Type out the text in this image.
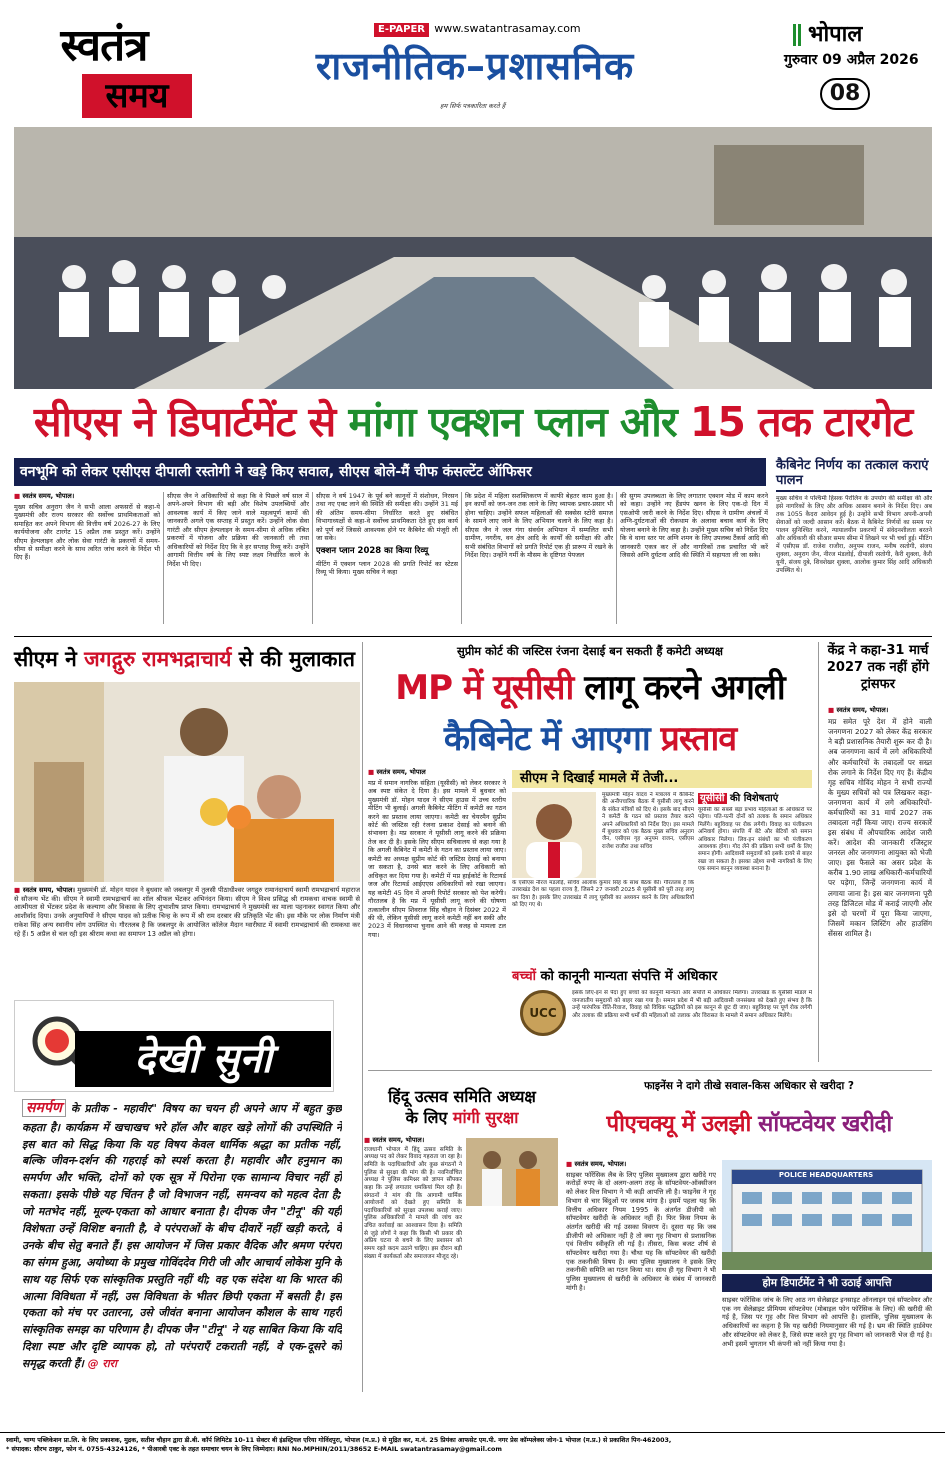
स्वतंत्र
समय
E-PAPER www.swatantrasamay.com
राजनीतिक–प्रशासनिक
हम सिर्फ पत्रकारिता करते हैं
भोपाल
गुरुवार 09 अप्रैल 2026
08
सीएस ने डिपार्टमेंट से मांगा एक्शन प्लान और 15 तक टारगेट
वनभूमि को लेकर एसीएस दीपाली रस्तोगी ने खड़े किए सवाल, सीएस बोले-मैं चीफ कंसल्टेंट ऑफिसर
■ स्वतंत्र समय, भोपाल।
मुख्य सचिव अनुराग जैन ने सभी आला अफसरों से कहा-ये मुख्यमंत्री और राज्य सरकार की सर्वोच्च प्राथमिकताओं को समाहित कर अपने विभाग की वित्तीय वर्ष 2026-27 के लिए कार्ययोजना और टारगेट 15 अप्रैल तक प्रस्तुत करें। उन्होंने सीएम हेल्पलाइन और लोक सेवा गारंटी के प्रकरणों में समय-सीमा से समीक्षा करने के साथ त्वरित जांच करने के निर्देश भी दिए हैं।
सीएस जैन ने अधिकारियों से कहा कि वे पिछले वर्ष साल में अपने-अपने विभाग की बड़ी और विशेष उपलब्धियों और आवश्यक कार्य में किए जाने वाले महत्वपूर्ण कामों की जानकारी अगले एक सप्ताह में प्रस्तुत करें। उन्होंने लोक सेवा गारंटी और सीएम हेल्पलाइन के समय-सीमा से अधिक लंबित प्रकरणों में योजना और प्रक्रिया की जानकारी ली तथा अधिकारियों को निर्देश दिए कि वे हर सप्ताह रिव्यू करें। उन्होंने आगामी वित्तीय वर्ष के लिए स्पष्ट लक्ष्य निर्धारित करने के निर्देश भी दिए।
सीएस ने वर्ष 1947 के पूर्व बने कानूनों में संशोधन, निरसन तथा नए एक्ट लाने की स्थिति की समीक्षा की। उन्होंने 31 मई की अंतिम समय-सीमा निर्धारित करते हुए संबंधित विभागाध्यक्षों से कहा-वे सर्वोच्च प्राथमिकता देते हुए इस कार्य को पूर्ण करें जिससे आवश्यक होने पर कैबिनेट की मंजूरी ली जा सके।
एक्शन प्लान 2028 का किया रिव्यू
मीटिंग में एक्शन प्लान 2028 की प्रगति रिपोर्ट का स्टेटस रिव्यू भी किया। मुख्य सचिव ने कहा
कि प्रदेश में महिला सशक्तिकरण में काफी बेहतर काम हुआ है। इन कार्यों को जन-जन तक लाने के लिए व्यापक प्रचार-प्रसार भी होना चाहिए। उन्होंने सफल महिलाओं की सक्सेस स्टोरी समाज के सामने लाए जाने के लिए अभियान चलाने के लिए कहा है। सीएस जैन ने जल गंगा संवर्धन अभियान में सम्मलित सभी ग्रामीण, नगरीय, वन क्षेत्र आदि के कार्यों की समीक्षा की और सभी संबंधित विभागों को प्रगति रिपोर्ट एक ही प्रारूप में रखने के निर्देश दिए। उन्होंने गर्मी के मौसम के दृष्टिगत पेयजल
की सुगम उपलब्धता के लिए लगातार एक्शन मोड में काम करने को कहा। उन्होंने नए हैंडपंप खनन के लिए एक-दो दिन में एसओपी जारी करने के निर्देश दिए। सीएस ने ग्रामीण अंचलों में अग्नि-दुर्घटनाओं की रोकथाम के अलावा बचाव कार्य के लिए योजना बनाने के लिए कहा है। उन्होंने मुख्य सचिव को निर्देश दिए कि वे थाना स्तर पर अग्नि शमन के लिए उपलब्ध टैंकर्स आदि की जानकारी एकत्र कर लें और नागरिकों तक प्रचारित भी करें जिससे अग्नि दुर्घटना आदि की स्थिति में सहायता ली जा सके।
कैबिनेट निर्णय का तत्काल कराएं पालन
मुख्य सचिव ने पश्चिमी हिंसक पैरोलिन के उपयोग की समीक्षा की और इसे नागरिकों के लिए और अधिक आसान बनाने के निर्देश दिए। अब तक 1055 कैदरा आवेदन हुई है। उन्होंने सभी विभाग अपनी-अपनी सेवाओं को जल्दी आसान करें। बैठक में कैबिनेट निर्णयों का समय पर पालन सुनिश्चित करने, न्यायालयीन प्रकरणों में संवेदनशीलता बरतने और अधिकारी की सीआर समय सीमा में लिखने पर भी चर्चा हुई। मीटिंग में एसीएस डॉ. राजेश राजौरा, अनुपम राजन, मनीष रस्तोगी, संजय शुक्ला, अनुराग जैन, नीरज मंडलोई, दीपाली रस्तोगी, कैरी शुक्ला, कैरी यूनी, संजय दुबे, शिवशेखर शुक्ला, आलोक कुमार सिंह आदि अधिकारी उपस्थित थे।
सीएम ने जगद्गुरु रामभद्राचार्य से की मुलाकात
■ स्वतंत्र समय, भोपाल। मुख्यमंत्री डॉ. मोहन यादव ने बुधवार को जबलपुर में तुलसी पीठाधीश्वर जगद्गुरु रामानंदाचार्य स्वामी रामभद्राचार्य महाराज से सौजन्य भेंट की। सीएम ने स्वामी रामभद्राचार्य का शॉल श्रीफल भेंटकर अभिनंदन किया। सीएम ने विश्व प्रसिद्ध श्री रामकथा वाचक स्वामी से आत्मीयता से भेंटकर प्रदेश के कल्याण और विकास के लिए शुभाशीष प्राप्त किया। रामभद्राचार्य ने मुख्यमंत्री का माला पहनाकर स्वागत किया और आशीर्वाद दिया। उनके अनुयायियों ने सीएम यादव को प्रतीक चिन्ह के रूप में श्री राम दरबार की प्रतिकृति भेंट की। इस मौके पर लोक निर्माण मंत्री राकेश सिंह अन्य स्थानीय लोग उपस्थित थे। गौरतलब है कि जबलपुर के आयोजित कॉलेज मैदान ग्वारीघाट में स्वामी रामभद्राचार्य की रामकथा कर रहे हैं। 5 अप्रैल से चल रही इस श्रीराम कथा का समापन 13 अप्रैल को होगा।
देखी सुनी
समर्पण के प्रतीक - महावीर" विषय का चयन ही अपने आप में बहुत कुछ कहता है। कार्यक्रम में खचाखच भरे हॉल और बाहर खड़े लोगों की उपस्थिति ने इस बात को सिद्ध किया कि यह विषय केवल धार्मिक श्रद्धा का प्रतीक नहीं, बल्कि जीवन-दर्शन की गहराई को स्पर्श करता है। महावीर और हनुमान का समर्पण और भक्ति, दोनों को एक सूत्र में पिरोना एक सामान्य विचार नहीं हो सकता। इसके पीछे यह चिंतन है जो विभाजन नहीं, समन्वय को महत्व देता है; जो मतभेद नहीं, मूल्य-एकता को आधार बनाता है। दीपक जैन "टीनू" की यही विशेषता उन्हें विशिष्ट बनाती है, वे परंपराओं के बीच दीवारें नहीं खड़ी करते, वे उनके बीच सेतु बनाते हैं। इस आयोजन में जिस प्रकार वैदिक और श्रमण परंपरा का संगम हुआ, अयोध्या के प्रमुख गोविंददेव गिरी जी और आचार्य लोकेश मुनि के साथ यह सिर्फ एक सांस्कृतिक प्रस्तुति नहीं थी; वह एक संदेश था कि भारत की आत्मा विविधता में नहीं, उस विविधता के भीतर छिपी एकता में बसती है। इस एकता को मंच पर उतारना, उसे जीवंत बनाना आयोजन कौशल के साथ गहरी सांस्कृतिक समझ का परिणाम है। दीपक जैन "टीनू" ने यह साबित किया कि यदि दिशा स्पष्ट और दृष्टि व्यापक हो, तो परंपराएँ टकराती नहीं, वे एक-दूसरे को समृद्ध करती हैं। @ रारा
सुप्रीम कोर्ट की जस्टिस रंजना देसाई बन सकती हैं कमेटी अध्यक्ष
MP में यूसीसी लागू करने अगली
कैबिनेट में आएगा प्रस्ताव
■ स्वतंत्र समय, भोपाल
मप्र में समान नागरिक संहिता (यूसीसी) को लेकर सरकार ने अब स्पष्ट संकेत दे दिया है। इस मामले में बुधवार को मुख्यमंत्री डॉ. मोहन यादव ने सीएम हाउस में उच्च स्तरीय मीटिंग भी बुलाई। अगली कैबिनेट मीटिंग में कमेटी का गठन करने का प्रस्ताव लाया जाएगा। कमेटी का चेयरमैन सुप्रीम कोर्ट की जस्टिस रही रंजना प्रकाश देसाई को बनाने की संभावना है। मप्र सरकार ने यूसीसी लागू करने की प्रक्रिया तेज कर दी है। इसके लिए सीएम सचिवालय से कहा गया है कि अगली कैबिनेट में कमेटी के गठन का प्रस्ताव लाया जाए। कमेटी का अध्यक्ष सुप्रीम कोर्ट की जस्टिस देसाई को बनाया जा सकता है, उनसे बात करने के लिए अधिकारी को अधिकृत कर दिया गया है। कमेटी में मप्र हाईकोर्ट के रिटायर्ड जज और रिटायर्ड आईएएस अधिकारियों को रखा जाएगा। यह कमेटी 45 दिन में अपनी रिपोर्ट सरकार को पेश करेगी। गौरतलब है कि मप्र में यूसीसी लागू करने की घोषणा तत्कालीन सीएम शिवराज सिंह चौहान ने दिसंबर 2022 में की थी, लेकिन यूसीसी लागू करने कमेटी नहीं बन सकी और 2023 में विधानसभा चुनाव आने की वजह से मामला टल गया।
सीएम ने दिखाई मामले में तेजी...
मुख्यमंत्री मोहन यादव ने मंत्रालय में कैबिनेट की अनौपचारिक बैठक में यूसीसी लागू करने के संकेत मंत्रियों को दिए थे। इसके बाद सीएम ने कमेटी के गठन को प्रस्ताव तैयार करने अपने अधिकारियों को निर्देश दिए। इस मामले में बुधवार को एक बैठक मुख्य सचिव अनुराग जैन, एसीएस गृह अनुपम राजन, एसीएस राजेश राजौरा तथा सचिव
यूसीसी की विशेषताएं
यूसीसी का सबसे बड़ा प्रभाव महिलाओं के अधिकारों पर पड़ेगा। पति-पत्नी दोनों को तलाक के समान अधिकार मिलेंगे। बहुविवाह पर रोक लगेगी। विवाह का पंजीकरण अनिवार्य होगा। संपत्ति में बेटे और बेटियों को समान अधिकार मिलेगा। लिव-इन संबंधों का भी पंजीकरण आवश्यक होगा। गोद लेने की प्रक्रिया सभी धर्मों के लिए समान होगी। आदिवासी समुदायों को इसके दायरे से बाहर रखा जा सकता है। इसका उद्देश्य सभी नागरिकों के लिए एक समान कानून व्यवस्था बनाना है।
के एसीएस नीरज मंडलोई, सचिव आलोक कुमार सिंह के साथ बैठक की। गौरतलब है कि उत्तराखंड देश का पहला राज्य है, जिसने 27 जनवरी 2025 से यूसीसी को पूरी तरह लागू कर दिया है। इसके लिए उत्तराखंड में लागू यूसीसी का अध्ययन करने के लिए अधिकारियों को दिए गए थे।
बच्चों को कानूनी मान्यता संपत्ति में अधिकार
UCC
इसके लिए-इन से पैदा हुए बच्चों को कानूनी मान्यता और संपत्ति में अधिकार मिलेगा। उत्तराखंड के यूसीसी मॉडल में जनजातीय समुदायों को बाहर रखा गया है। समान प्रदेश में भी बड़ी आदिवासी जनसंख्या को देखते हुए संभव है कि उन्हें पारंपरिक रीति-रिवाज, विवाह को विधिक पद्धतियों को इस कानून से छूट दी जाए। बहुविवाह पर पूर्ण रोक लगेगी और तलाक की प्रक्रिया सभी धर्मों की महिलाओं को तलाक और विरासत के मामले में समान अधिकार मिलेंगे।
केंद्र ने कहा-31 मार्च 2027 तक नहीं होंगे ट्रांसफर
■ स्वतंत्र समय, भोपाल।
मप्र समेत पूरे देश में होने वाली जनगणना 2027 को लेकर केंद्र सरकार ने बड़ी प्रशासनिक तैयारी शुरू कर दी है। अब जनगणना कार्य में लगे अधिकारियों और कर्मचारियों के तबादलों पर सख्त रोक लगाने के निर्देश दिए गए हैं। केंद्रीय गृह सचिव गोविंद मोहन ने सभी राज्यों के मुख्य सचिवों को पत्र लिखकर कहा-जनगणना कार्य में लगे अधिकारियों-कर्मचारियों का 31 मार्च 2027 तक तबादला नहीं किया जाए। राज्य सरकारें इस संबंध में औपचारिक आदेश जारी करें। आदेश की जानकारी रजिस्ट्रार जनरल और जनगणना आयुक्त को भेजी जाए। इस फैसले का असर प्रदेश के करीब 1.90 लाख अधिकारी-कर्मचारियों पर पड़ेगा, जिन्हें जनगणना कार्य में लगाया जाना है। इस बार जनगणना पूरी तरह डिजिटल मोड में कराई जाएगी और इसे दो चरणों में पूरा किया जाएगा, जिसमें मकान लिस्टिंग और हाउसिंग सेंसस शामिल है।
हिंदू उत्सव समिति अध्यक्ष
के लिए मांगी सुरक्षा
■ स्वतंत्र समय, भोपाल।
राजधानी भोपाल में हिंदू उत्सव समिति के अध्यक्ष पद को लेकर विवाद गहराता जा रहा है। समिति के पदाधिकारियों और कुछ संगठनों ने पुलिस से सुरक्षा की मांग की है। नवनिर्वाचित अध्यक्ष ने पुलिस कमिश्नर को ज्ञापन सौंपकर कहा कि उन्हें लगातार धमकियां मिल रही हैं। संगठनों ने मांग की कि आगामी धार्मिक आयोजनों को देखते हुए समिति के पदाधिकारियों को सुरक्षा उपलब्ध कराई जाए। पुलिस अधिकारियों ने मामले की जांच कर उचित कार्रवाई का आश्वासन दिया है। समिति से जुड़े लोगों ने कहा कि किसी भी प्रकार की अप्रिय घटना से बचने के लिए प्रशासन को समय रहते कदम उठाने चाहिए। इस दौरान बड़ी संख्या में कार्यकर्ता और समाजजन मौजूद रहे।
फाइनेंस ने दागे तीखे सवाल-किस अधिकार से खरीदा ?
पीएचक्यू में उलझी सॉफ्टवेयर खरीदी
■ स्वतंत्र समय, भोपाल।
साइबर फॉरेंसिक लैब के लिए पुलिस मुख्यालय द्वारा खरीदे गए करोड़ों रुपए के दो अलग-अलग तरह के सॉफ्टवेयर-ऑक्सीजन को लेकर वित्त विभाग ने भी कड़ी आपत्ति ली है। फाइनेंस ने गृह विभाग से चार बिंदुओं पर जवाब मांगा है। इसमें पहला यह कि वित्तीय अधिकार नियम 1995 के अंतर्गत डीजीपी को सॉफ्टवेयर खरीदी के अधिकार नहीं हैं। फिर किस नियम के अंतर्गत खरीदी की गई उसका विवरण दें। दूसरा यह कि जब डीजीपी को अधिकार नहीं है तो क्या गृह विभाग से प्रशासनिक एवं वित्तीय स्वीकृति ली गई है। तीसरा, किस बजट शीर्ष से सॉफ्टवेयर खरीदा गया है। चौथा यह कि सॉफ्टवेयर की खरीदी एक तकनीकी विषय है। क्या पुलिस मुख्यालय ने इसके लिए तकनीकी समिति का गठन किया था। साथ ही गृह विभाग ने भी पुलिस मुख्यालय से खरीदी के अधिकार के संबंध में जानकारी मांगी है।
POLICE HEADQUARTERS
होम डिपार्टमेंट ने भी उठाई आपत्ति
साइबर फॉरेंसिक जांच के लिए आठ नग सेलेब्राइट इनसाइट ऑनलाइन एवं सॉफ्टवेयर और एक नग सेलेब्राइट प्रीमियम सॉफ्टवेयर (मोबाइल फोन फॉरेंसिक के लिए) की खरीदी की गई है, जिस पर गृह और वित्त विभाग को आपत्ति है। हालांकि, पुलिस मुख्यालय के अधिकारियों का कहना है कि यह खरीदी नियमानुसार की गई है। भ्रम की स्थिति हार्डवेयर और सॉफ्टवेयर को लेकर है, जिसे स्पष्ट करते हुए गृह विभाग को जानकारी भेज दी गई है। अभी इसमें भुगतान भी कंपनी को नहीं किया गया है।
स्वामी, भाग्य पब्लिकेशन प्रा.लि. के लिए प्रकाशक, मुद्रक, सतीश चौहान द्वारा डी.बी. कॉर्प लिमिटेड 10-11 सेक्टर बी इंडस्ट्रियल एरिया गोविंदपुरा, भोपाल (म.प्र.) से मुद्रित कर, म.नं. 25 प्रियंका आफसेट एम.पी. नगर प्रेस कॉम्पलेक्स जोन-1 भोपाल (म.प्र.) से प्रकाशित पिन-462003,
* संपादक: सौरभ ठाकुर, फोन नं. 0755-4324126, * पीआरबी एक्ट के तहत समाचार चयन के लिए जिम्मेदार। RNI No.MPHIN/2011/38652 E-MAIL swatantrasamay@gmail.com
